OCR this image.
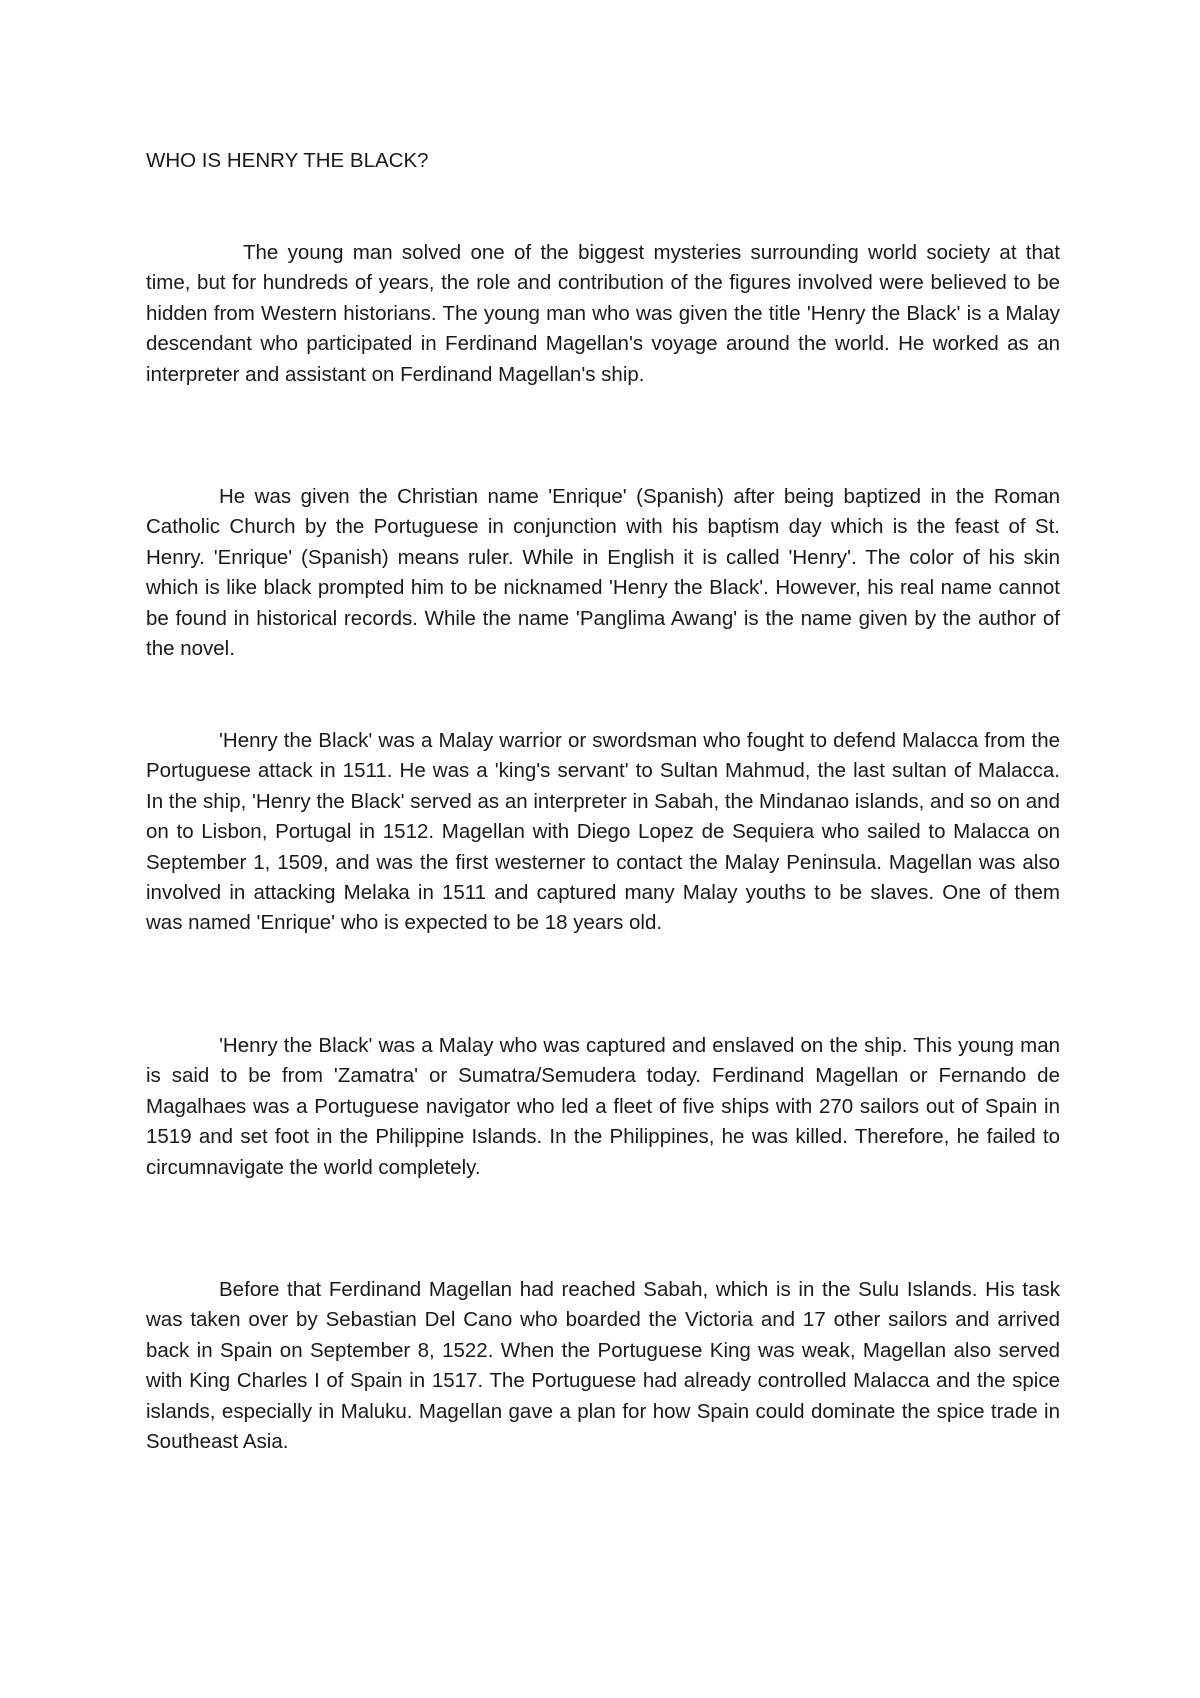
WHO IS HENRY THE BLACK?

The young man solved one of the biggest mysteries surrounding world society at that time, but for hundreds of years, the role and contribution of the figures involved were believed to be hidden from Western historians. The young man who was given the title 'Henry the Black' is a Malay descendant who participated in Ferdinand Magellan's voyage around the world. He worked as an interpreter and assistant on Ferdinand Magellan's ship.

He was given the Christian name 'Enrique' (Spanish) after being baptized in the Roman Catholic Church by the Portuguese in conjunction with his baptism day which is the feast of St. Henry. 'Enrique' (Spanish) means ruler. While in English it is called 'Henry'. The color of his skin which is like black prompted him to be nicknamed 'Henry the Black'. However, his real name cannot be found in historical records. While the name 'Panglima Awang' is the name given by the author of the novel.

'Henry the Black' was a Malay warrior or swordsman who fought to defend Malacca from the Portuguese attack in 1511. He was a 'king's servant' to Sultan Mahmud, the last sultan of Malacca. In the ship, 'Henry the Black' served as an interpreter in Sabah, the Mindanao islands, and so on and on to Lisbon, Portugal in 1512. Magellan with Diego Lopez de Sequiera who sailed to Malacca on September 1, 1509, and was the first westerner to contact the Malay Peninsula. Magellan was also involved in attacking Melaka in 1511 and captured many Malay youths to be slaves. One of them was named 'Enrique' who is expected to be 18 years old.

'Henry the Black' was a Malay who was captured and enslaved on the ship. This young man is said to be from 'Zamatra' or Sumatra/Semudera today. Ferdinand Magellan or Fernando de Magalhaes was a Portuguese navigator who led a fleet of five ships with 270 sailors out of Spain in 1519 and set foot in the Philippine Islands. In the Philippines, he was killed. Therefore, he failed to circumnavigate the world completely.

Before that Ferdinand Magellan had reached Sabah, which is in the Sulu Islands. His task was taken over by Sebastian Del Cano who boarded the Victoria and 17 other sailors and arrived back in Spain on September 8, 1522. When the Portuguese King was weak, Magellan also served with King Charles I of Spain in 1517. The Portuguese had already controlled Malacca and the spice islands, especially in Maluku. Magellan gave a plan for how Spain could dominate the spice trade in Southeast Asia.
